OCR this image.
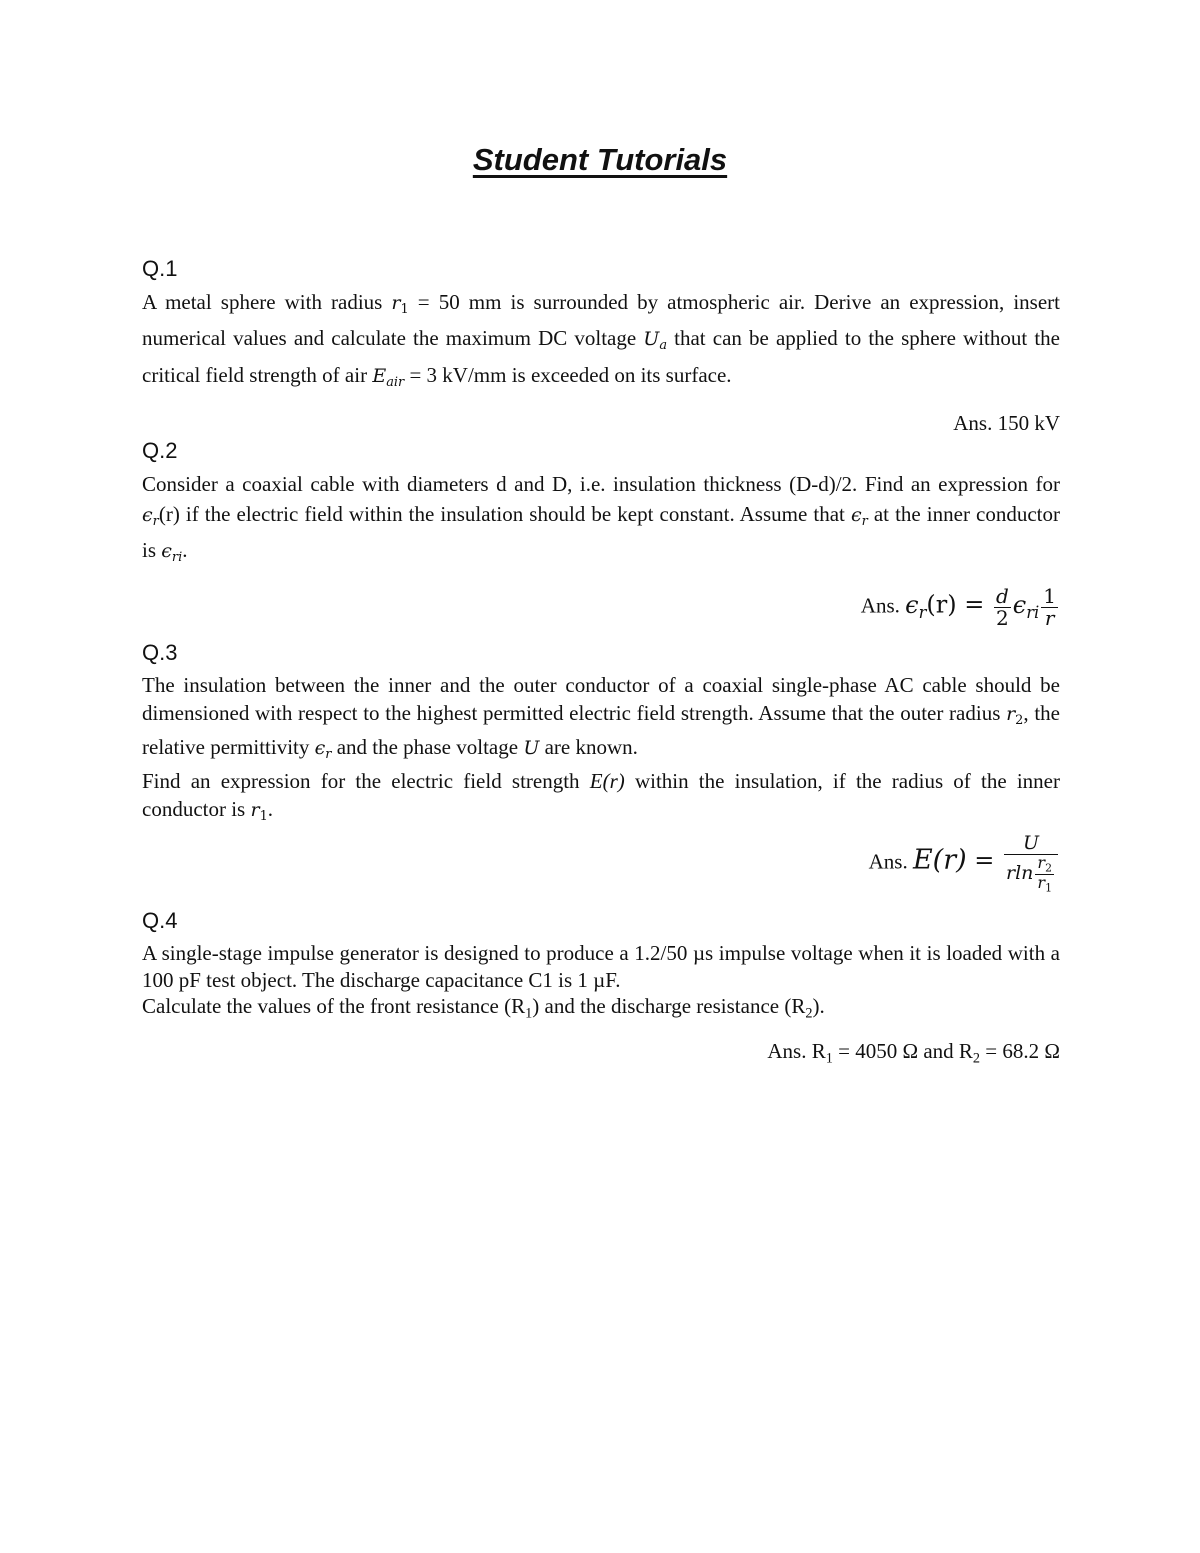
Student Tutorials
Q.1
A metal sphere with radius $r_1 = 50$ mm is surrounded by atmospheric air. Derive an expression, insert numerical values and calculate the maximum DC voltage $U_a$ that can be applied to the sphere without the critical field strength of air $E_{air} = 3$ kV/mm is exceeded on its surface.
Ans. 150 kV
Q.2
Consider a coaxial cable with diameters d and D, i.e. insulation thickness (D-d)/2. Find an expression for $\epsilon_r(r)$ if the electric field within the insulation should be kept constant. Assume that $\epsilon_r$ at the inner conductor is $\epsilon_{ri}$.
Ans. $\epsilon_r(r) = \frac{d}{2} \epsilon_{ri} \frac{1}{r}$
Q.3
The insulation between the inner and the outer conductor of a coaxial single-phase AC cable should be dimensioned with respect to the highest permitted electric field strength. Assume that the outer radius $r_2$, the relative permittivity $\epsilon_r$ and the phase voltage U are known.
Find an expression for the electric field strength E(r) within the insulation, if the radius of the inner conductor is $r_1$.
Ans. $E(r) = \frac{U}{rln \frac{r_2}{r_1}}$
Q.4
A single-stage impulse generator is designed to produce a 1.2/50 µs impulse voltage when it is loaded with a 100 pF test object. The discharge capacitance C1 is 1 µF.
Calculate the values of the front resistance $(R_1)$ and the discharge resistance $(R_2)$.
Ans. $R_1 = 4050$ Ω and $R_2 = 68.2$ Ω
